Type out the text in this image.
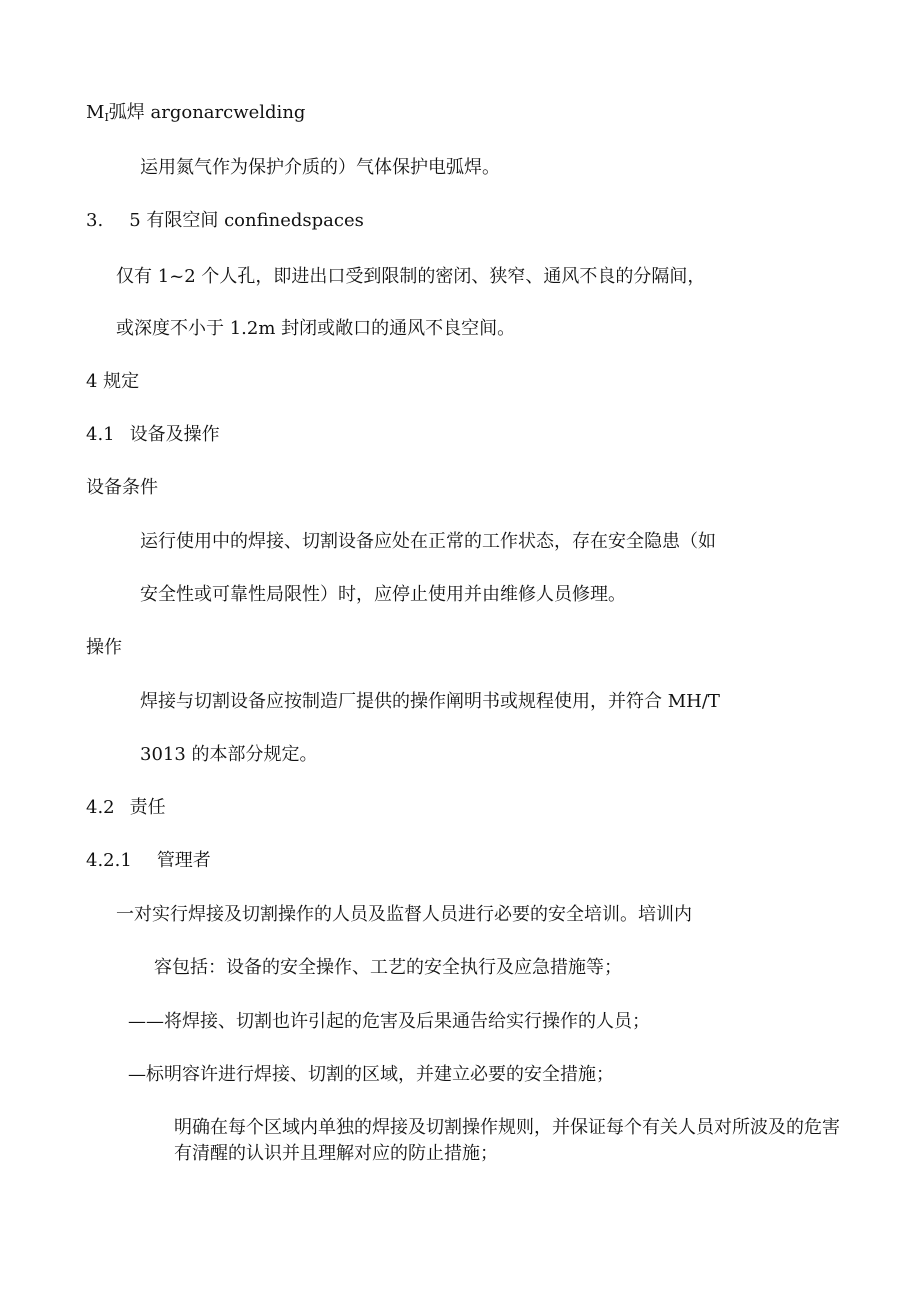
$M_I$弧焊 argonarcwelding
运用氮气作为保护介质的）气体保护电弧焊。
3. 5 有限空间 confinedspaces
仅有 1~2 个人孔，即进出口受到限制的密闭、狭窄、通风不良的分隔间，
或深度不小于 1.2m 封闭或敞口的通风不良空间。
4 规定
4.1 设备及操作
设备条件
运行使用中的焊接、切割设备应处在正常的工作状态，存在安全隐患（如
安全性或可靠性局限性）时，应停止使用并由维修人员修理。
操作
焊接与切割设备应按制造厂提供的操作阐明书或规程使用，并符合 MH/T
3013 的本部分规定。
4.2 责任
4.2.1 管理者
一对实行焊接及切割操作的人员及监督人员进行必要的安全培训。培训内
容包括：设备的安全操作、工艺的安全执行及应急措施等；
——将焊接、切割也许引起的危害及后果通告给实行操作的人员；
—标明容许进行焊接、切割的区域，并建立必要的安全措施；
明确在每个区域内单独的焊接及切割操作规则，并保证每个有关人员对所波及的危害有清醒的认识并且理解对应的防止措施；
